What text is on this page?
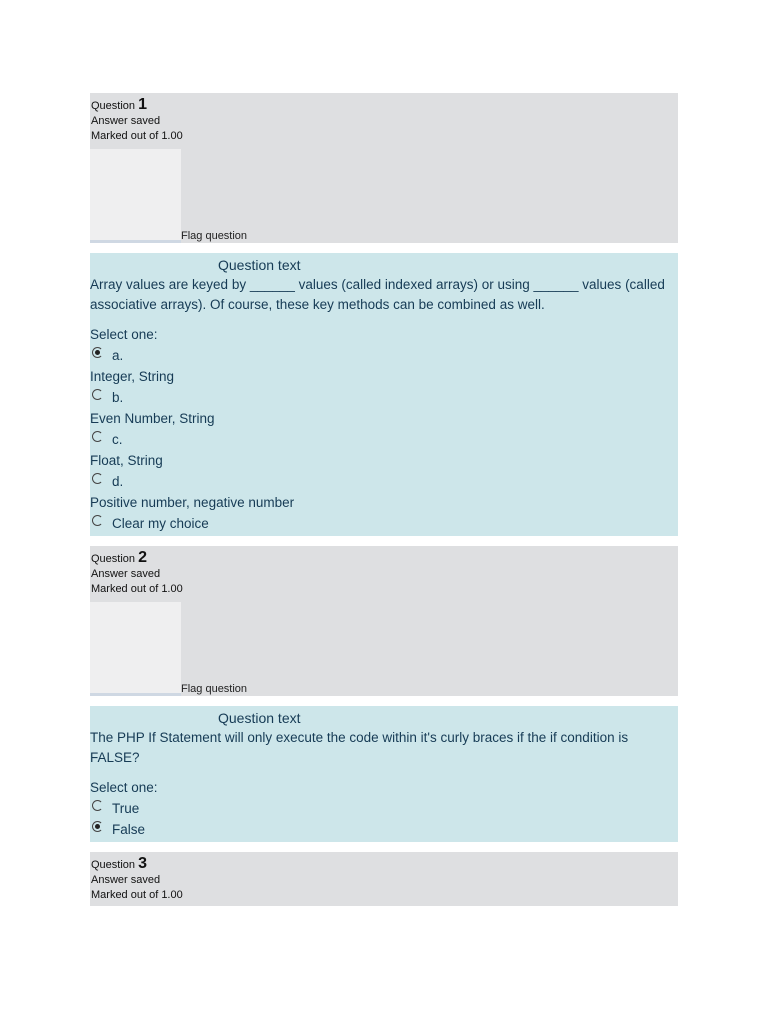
Question 1
Answer saved
Marked out of 1.00
Flag question
Question text
Array values are keyed by ______ values (called indexed arrays) or using ______ values (called associative arrays). Of course, these key methods can be combined as well.
Select one:
a.
Integer, String
b.
Even Number, String
c.
Float, String
d.
Positive number, negative number
Clear my choice
Question 2
Answer saved
Marked out of 1.00
Flag question
Question text
The PHP If Statement will only execute the code within it's curly braces if the if condition is FALSE?
Select one:
True
False
Question 3
Answer saved
Marked out of 1.00
